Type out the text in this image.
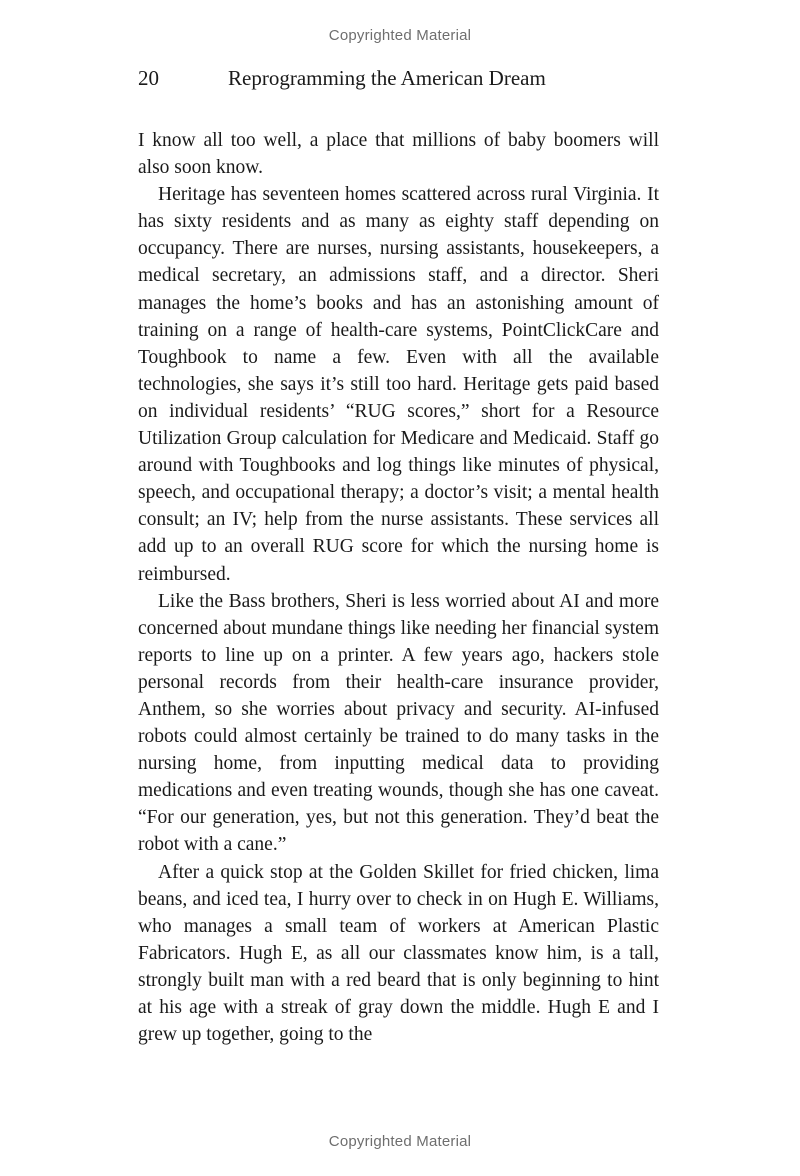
Copyrighted Material
20	Reprogramming the American Dream

I know all too well, a place that millions of baby boomers will also soon know.

Heritage has seventeen homes scattered across rural Virginia. It has sixty residents and as many as eighty staff depending on occupancy. There are nurses, nursing assistants, housekeepers, a medical secretary, an admissions staff, and a director. Sheri manages the home’s books and has an astonishing amount of training on a range of health-care systems, PointClickCare and Toughbook to name a few. Even with all the available technologies, she says it’s still too hard. Heritage gets paid based on individual residents’ “RUG scores,” short for a Resource Utilization Group calculation for Medicare and Medicaid. Staff go around with Toughbooks and log things like minutes of physical, speech, and occupational therapy; a doctor’s visit; a mental health consult; an IV; help from the nurse assistants. These services all add up to an overall RUG score for which the nursing home is reimbursed.

Like the Bass brothers, Sheri is less worried about AI and more concerned about mundane things like needing her financial system reports to line up on a printer. A few years ago, hackers stole personal records from their health-care insurance provider, Anthem, so she worries about privacy and security. AI-infused robots could almost certainly be trained to do many tasks in the nursing home, from inputting medical data to providing medications and even treating wounds, though she has one caveat. “For our generation, yes, but not this generation. They’d beat the robot with a cane.”

After a quick stop at the Golden Skillet for fried chicken, lima beans, and iced tea, I hurry over to check in on Hugh E. Williams, who manages a small team of workers at American Plastic Fabricators. Hugh E, as all our classmates know him, is a tall, strongly built man with a red beard that is only beginning to hint at his age with a streak of gray down the middle. Hugh E and I grew up together, going to the

Copyrighted Material
